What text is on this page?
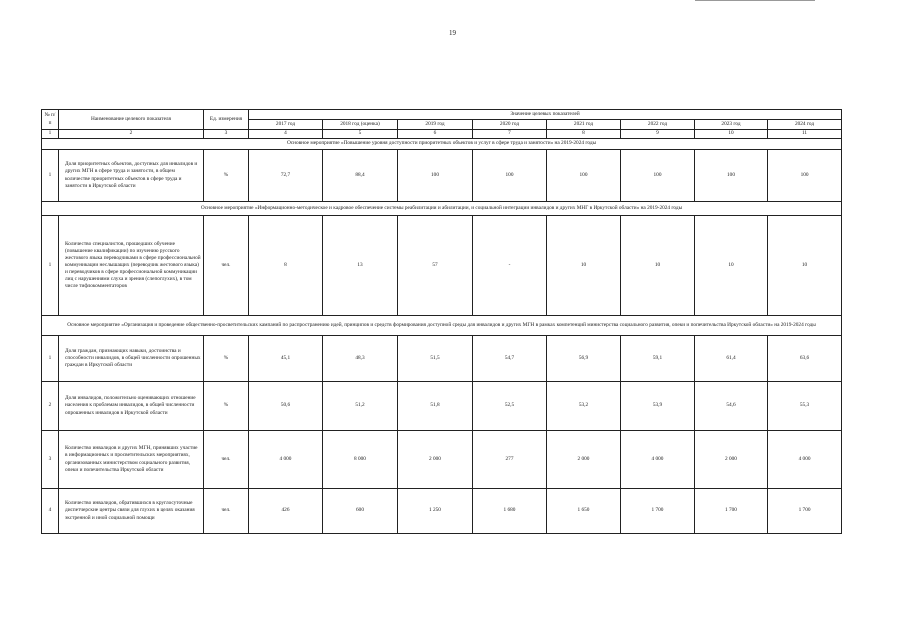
19
№ п/п	Наименование целевого показателя	Ед. измерения	Значение целевых показателей							
			2017 год	2018 год (оценка)	2019 год	2020 год	2021 год	2022 год	2023 год	2024 год
1	2	3	4	5	6	7	8	9	10	11
Основное мероприятие «Повышение уровня доступности приоритетных объектов и услуг в сфере труда и занятости» на 2019-2024 годы										
1	Доля приоритетных объектов, доступных для инвалидов и других МГН в сфере труда и занятости, в общем количестве приоритетных объектов в сфере труда и занятости в Иркутской области	%	72,7	88,4	100	100	100	100	100	100
Основное мероприятие «Информационно-методическое и кадровое обеспечение системы реабилитации и абилитации, и социальной интеграции инвалидов и других МНГ в Иркутской области» на 2019-2024 годы										
1	Количество специалистов, прошедших обучение (повышение квалификации) по изучению русского жестового языка переводчиками в сфере профессиональной коммуникации неслышащих (переводчик жестового языка) и переводчиков в сфере профессиональной коммуникации лиц с нарушениями слуха и зрения (слепоглухих), в том числе тифлокомментаторов	чел.	8	13	57	-	10	10	10	10
Основное мероприятие «Организация и проведение общественно-просветительских кампаний по распространению идей, принципов и средств формирования доступной среды для инвалидов и других МГН в рамках компетенций министерства социального развития, опеки и попечительства Иркутской области» на 2019-2024 годы										
1	Доля граждан, признающих навыки, достоинства и способности инвалидов, в общей численности опрошенных граждан в Иркутской области	%	45,1	48,3	51,5	54,7	56,9	59,1	61,4	63,6
2	Доля инвалидов, положительно оценивающих отношение населения к проблемам инвалидов, в общей численности опрошенных инвалидов в Иркутской области	%	50,6	51,2	51,8	52,5	53,2	53,9	54,6	55,3
3	Количество инвалидов и других МГН, принявших участие в информационных и просветительских мероприятиях, организованных министерством социального развития, опеки и попечительства Иркутской области	чел.	4 000	8 000	2 000	277	2 000	4 000	2 000	4 000
4	Количество инвалидов, обратившихся в круглосуточные диспетчерские центры связи для глухих в целях оказания экстренной и иной социальной помощи	чел.	426	600	1 250	1 680	1 650	1 700	1 700	1 700
